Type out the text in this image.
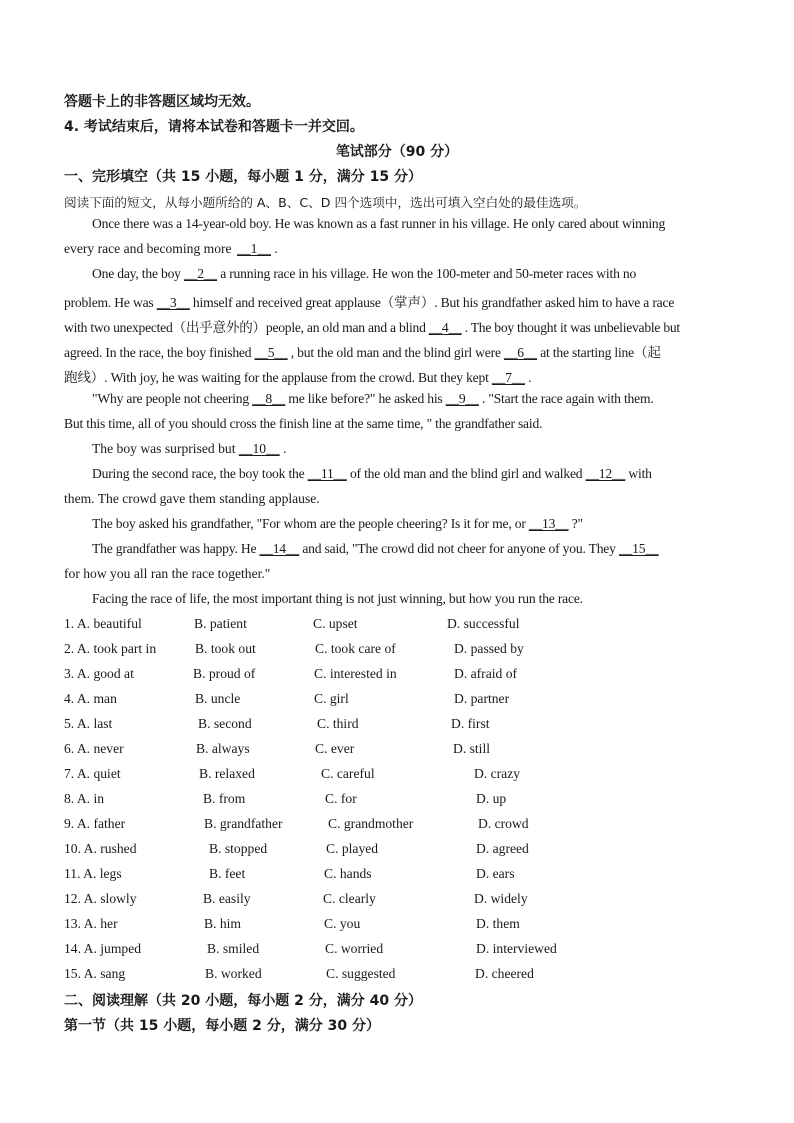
答题卡上的非答题区域均无效。
4. 考试结束后，请将本试卷和答题卡一并交回。
笔试部分（90 分）
一、完形填空（共 15 小题，每小题 1 分，满分 15 分）
阅读下面的短文，从每小题所给的 A、B、C、D 四个选项中，选出可填入空白处的最佳选项。
Once there was a 14-year-old boy. He was known as a fast runner in his village. He only cared about winning
every race and becoming more __1__ .
One day, the boy __2__ a running race in his village. He won the 100-meter and 50-meter races with no
problem. He was __3__ himself and received great applause（掌声）. But his grandfather asked him to have a race
with two unexpected（出乎意外的）people, an old man and a blind __4__ . The boy thought it was unbelievable but
agreed. In the race, the boy finished __5__ , but the old man and the blind girl were __6__ at the starting line（起
跑线）. With joy, he was waiting for the applause from the crowd. But they kept __7__ .
"Why are people not cheering __8__ me like before?" he asked his __9__ . "Start the race again with them.
But this time, all of you should cross the finish line at the same time, " the grandfather said.
The boy was surprised but __10__ .
During the second race, the boy took the __11__ of the old man and the blind girl and walked __12__ with
them. The crowd gave them standing applause.
The boy asked his grandfather, "For whom are the people cheering? Is it for me, or __13__ ?"
The grandfather was happy. He __14__ and said, "The crowd did not cheer for anyone of you. They __15__
for how you all ran the race together."
Facing the race of life, the most important thing is not just winning, but how you run the race.
1. A. beautiful	B. patient	C. upset	D. successful
2. A. took part in	B. took out	C. took care of	D. passed by
3. A. good at	B. proud of	C. interested in	D. afraid of
4. A. man	B. uncle	C. girl	D. partner
5. A. last	B. second	C. third	D. first
6. A. never	B. always	C. ever	D. still
7. A. quiet	B. relaxed	C. careful	D. crazy
8. A. in	B. from	C. for	D. up
9. A. father	B. grandfather	C. grandmother	D. crowd
10. A. rushed	B. stopped	C. played	D. agreed
11. A. legs	B. feet	C. hands	D. ears
12. A. slowly	B. easily	C. clearly	D. widely
13. A. her	B. him	C. you	D. them
14. A. jumped	B. smiled	C. worried	D. interviewed
15. A. sang	B. worked	C. suggested	D. cheered
二、阅读理解（共 20 小题，每小题 2 分，满分 40 分）
第一节（共 15 小题，每小题 2 分，满分 30 分）
